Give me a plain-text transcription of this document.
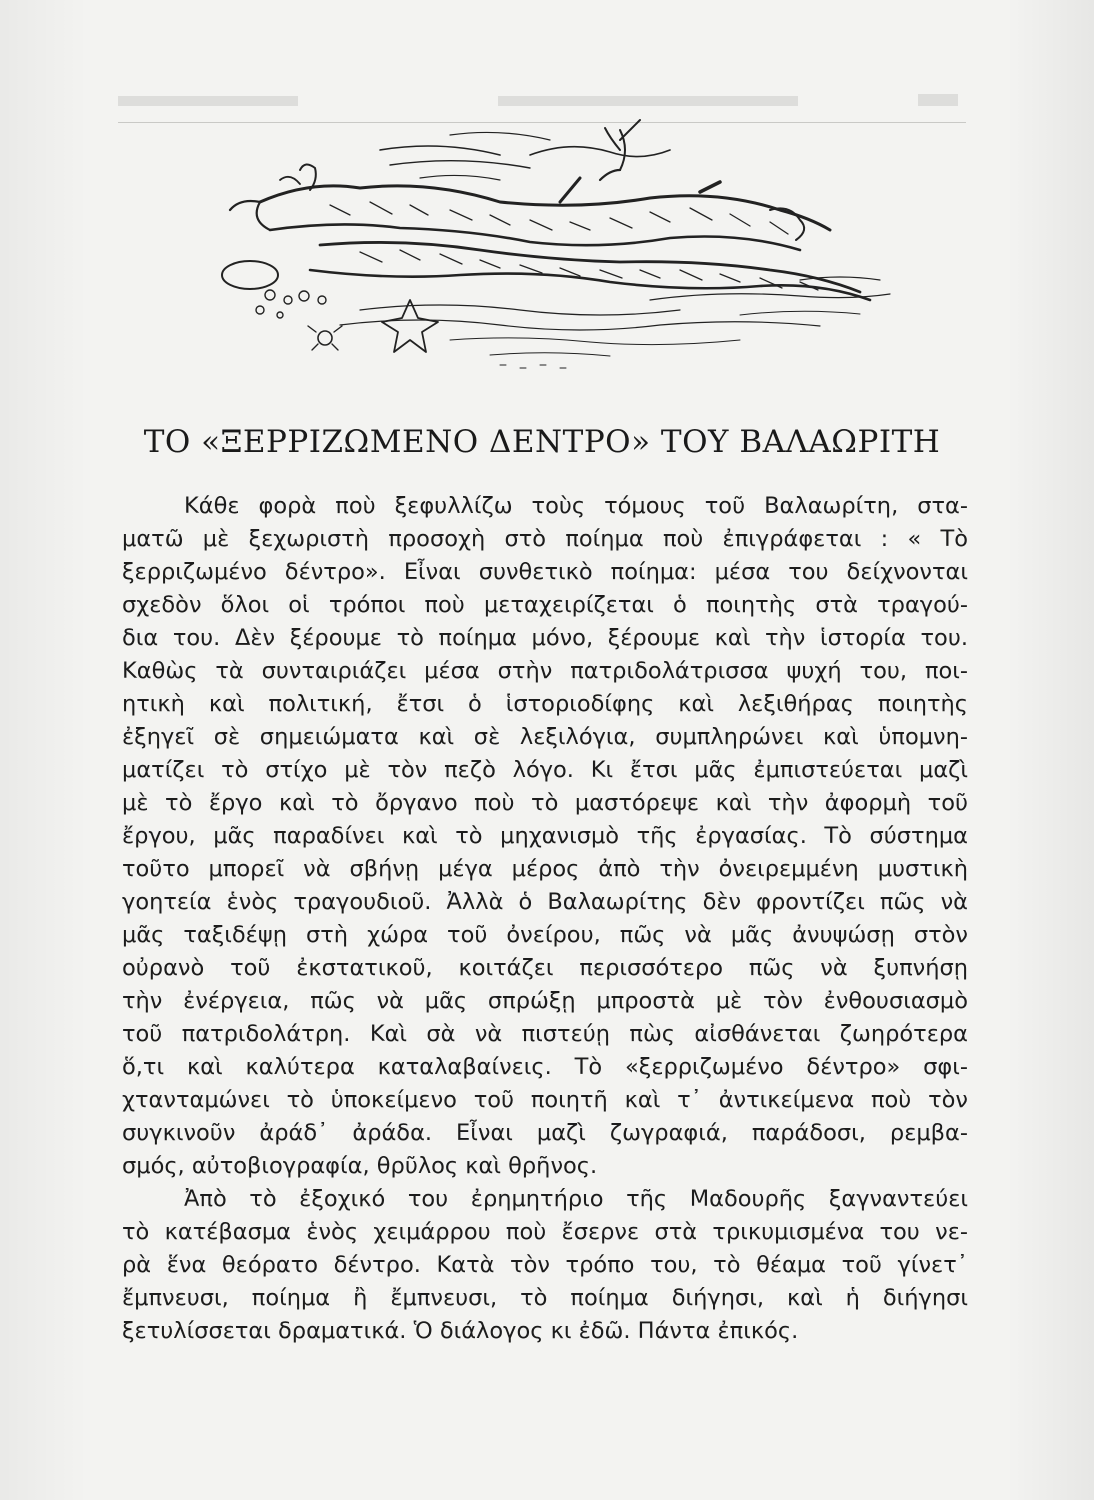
ΤΟ «ΞΕΡΡΙΖΩΜΕΝΟ ΔΕΝΤΡΟ» ΤΟΥ ΒΑΛΑΩΡΙΤΗ

Κάθε φορὰ ποὺ ξεφυλλίζω τοὺς τόμους τοῦ Βαλαωρίτη, στα-
ματῶ μὲ ξεχωριστὴ προσοχὴ στὸ ποίημα ποὺ ἐπιγράφεται : « Τὸ
ξερριζωμένο δέντρο». Εἶναι συνθετικὸ ποίημα: μέσα του δείχνονται
σχεδὸν ὅλοι οἱ τρόποι ποὺ μεταχειρίζεται ὁ ποιητὴς στὰ τραγού-
δια του. Δὲν ξέρουμε τὸ ποίημα μόνο, ξέρουμε καὶ τὴν ἱστορία του.
Καθὼς τὰ συνταιριάζει μέσα στὴν πατριδολάτρισσα ψυχή του, ποι-
ητικὴ καὶ πολιτική, ἔτσι ὁ ἱστοριοδίφης καὶ λεξιθήρας ποιητὴς
ἐξηγεῖ σὲ σημειώματα καὶ σὲ λεξιλόγια, συμπληρώνει καὶ ὑπομνη-
ματίζει τὸ στίχο μὲ τὸν πεζὸ λόγο. Κι ἔτσι μᾶς ἐμπιστεύεται μαζὶ
μὲ τὸ ἔργο καὶ τὸ ὄργανο ποὺ τὸ μαστόρεψε καὶ τὴν ἀφορμὴ τοῦ
ἔργου, μᾶς παραδίνει καὶ τὸ μηχανισμὸ τῆς ἐργασίας. Τὸ σύστημα
τοῦτο μπορεῖ νὰ σβήνῃ μέγα μέρος ἀπὸ τὴν ὀνειρεμμένη μυστικὴ
γοητεία ἑνὸς τραγουδιοῦ. Ἀλλὰ ὁ Βαλαωρίτης δὲν φροντίζει πῶς νὰ
μᾶς ταξιδέψῃ στὴ χώρα τοῦ ὀνείρου, πῶς νὰ μᾶς ἀνυψώσῃ στὸν
οὐρανὸ τοῦ ἐκστατικοῦ, κοιτάζει περισσότερο πῶς νὰ ξυπνήσῃ
τὴν ἐνέργεια, πῶς νὰ μᾶς σπρώξῃ μπροστὰ μὲ τὸν ἐνθουσιασμὸ
τοῦ πατριδολάτρη. Καὶ σὰ νὰ πιστεύῃ πὼς αἰσθάνεται ζωηρότερα
ὅ,τι καὶ καλύτερα καταλαβαίνεις. Τὸ «ξερριζωμένο δέντρο» σφι-
χτανταμώνει τὸ ὑποκείμενο τοῦ ποιητῆ καὶ τ᾽ ἀντικείμενα ποὺ τὸν
συγκινοῦν ἀράδ᾽ ἀράδα. Εἶναι μαζὶ ζωγραφιά, παράδοσι, ρεμβα-
σμός, αὐτοβιογραφία, θρῦλος καὶ θρῆνος.

Ἀπὸ τὸ ἐξοχικό του ἐρημητήριο τῆς Μαδουρῆς ξαγναντεύει
τὸ κατέβασμα ἑνὸς χειμάρρου ποὺ ἔσερνε στὰ τρικυμισμένα του νε-
ρὰ ἕνα θεόρατο δέντρο. Κατὰ τὸν τρόπο του, τὸ θέαμα τοῦ γίνετ᾽
ἔμπνευσι, ποίημα ἢ ἔμπνευσι, τὸ ποίημα διήγησι, καὶ ἡ διήγησι
ξετυλίσσεται δραματικά. Ὁ διάλογος κι ἐδῶ. Πάντα ἐπικός.
